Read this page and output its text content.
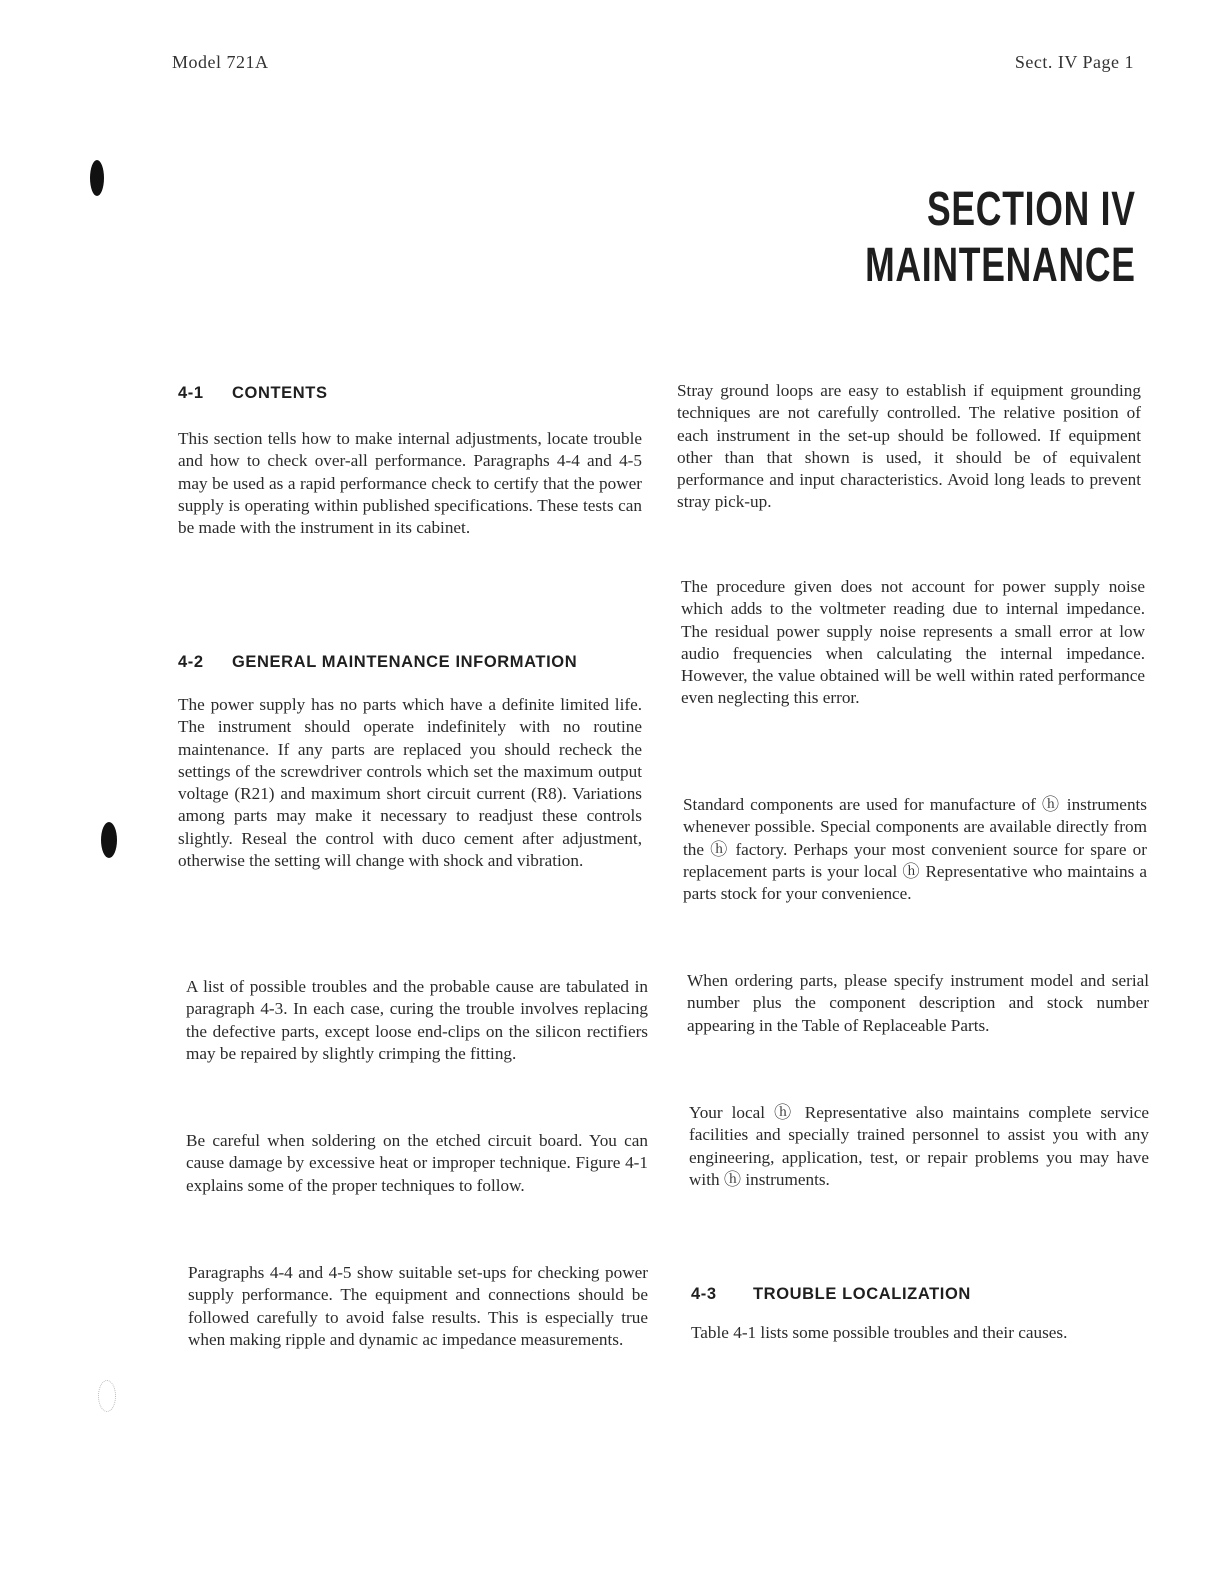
Model 721A	Sect. IV Page 1
SECTION IV
MAINTENANCE
4-1 CONTENTS

This section tells how to make internal adjustments, locate trouble and how to check over-all performance. Paragraphs 4-4 and 4-5 may be used as a rapid performance check to certify that the power supply is operating within published specifications. These tests can be made with the instrument in its cabinet.

4-2 GENERAL MAINTENANCE INFORMATION

The power supply has no parts which have a definite limited life. The instrument should operate indefinitely with no routine maintenance. If any parts are replaced you should recheck the settings of the screwdriver controls which set the maximum output voltage (R21) and maximum short circuit current (R8). Variations among parts may make it necessary to readjust these controls slightly. Reseal the control with duco cement after adjustment, otherwise the setting will change with shock and vibration.

A list of possible troubles and the probable cause are tabulated in paragraph 4-3. In each case, curing the trouble involves replacing the defective parts, except loose end-clips on the silicon rectifiers may be repaired by slightly crimping the fitting.

Be careful when soldering on the etched circuit board. You can cause damage by excessive heat or improper technique. Figure 4-1 explains some of the proper techniques to follow.

Paragraphs 4-4 and 4-5 show suitable set-ups for checking power supply performance. The equipment and connections should be followed carefully to avoid false results. This is especially true when making ripple and dynamic ac impedance measurements.

Stray ground loops are easy to establish if equipment grounding techniques are not carefully controlled. The relative position of each instrument in the set-up should be followed. If equipment other than that shown is used, it should be of equivalent performance and input characteristics. Avoid long leads to prevent stray pick-up.

The procedure given does not account for power supply noise which adds to the voltmeter reading due to internal impedance. The residual power supply noise represents a small error at low audio frequencies when calculating the internal impedance. However, the value obtained will be well within rated performance even neglecting this error.

Standard components are used for manufacture of ⓗ instruments whenever possible. Special components are available directly from the ⓗ factory. Perhaps your most convenient source for spare or replacement parts is your local ⓗ Representative who maintains a parts stock for your convenience.

When ordering parts, please specify instrument model and serial number plus the component description and stock number appearing in the Table of Replaceable Parts.

Your local ⓗ Representative also maintains complete service facilities and specially trained personnel to assist you with any engineering, application, test, or repair problems you may have with ⓗ instruments.

4-3 TROUBLE LOCALIZATION

Table 4-1 lists some possible troubles and their causes.
